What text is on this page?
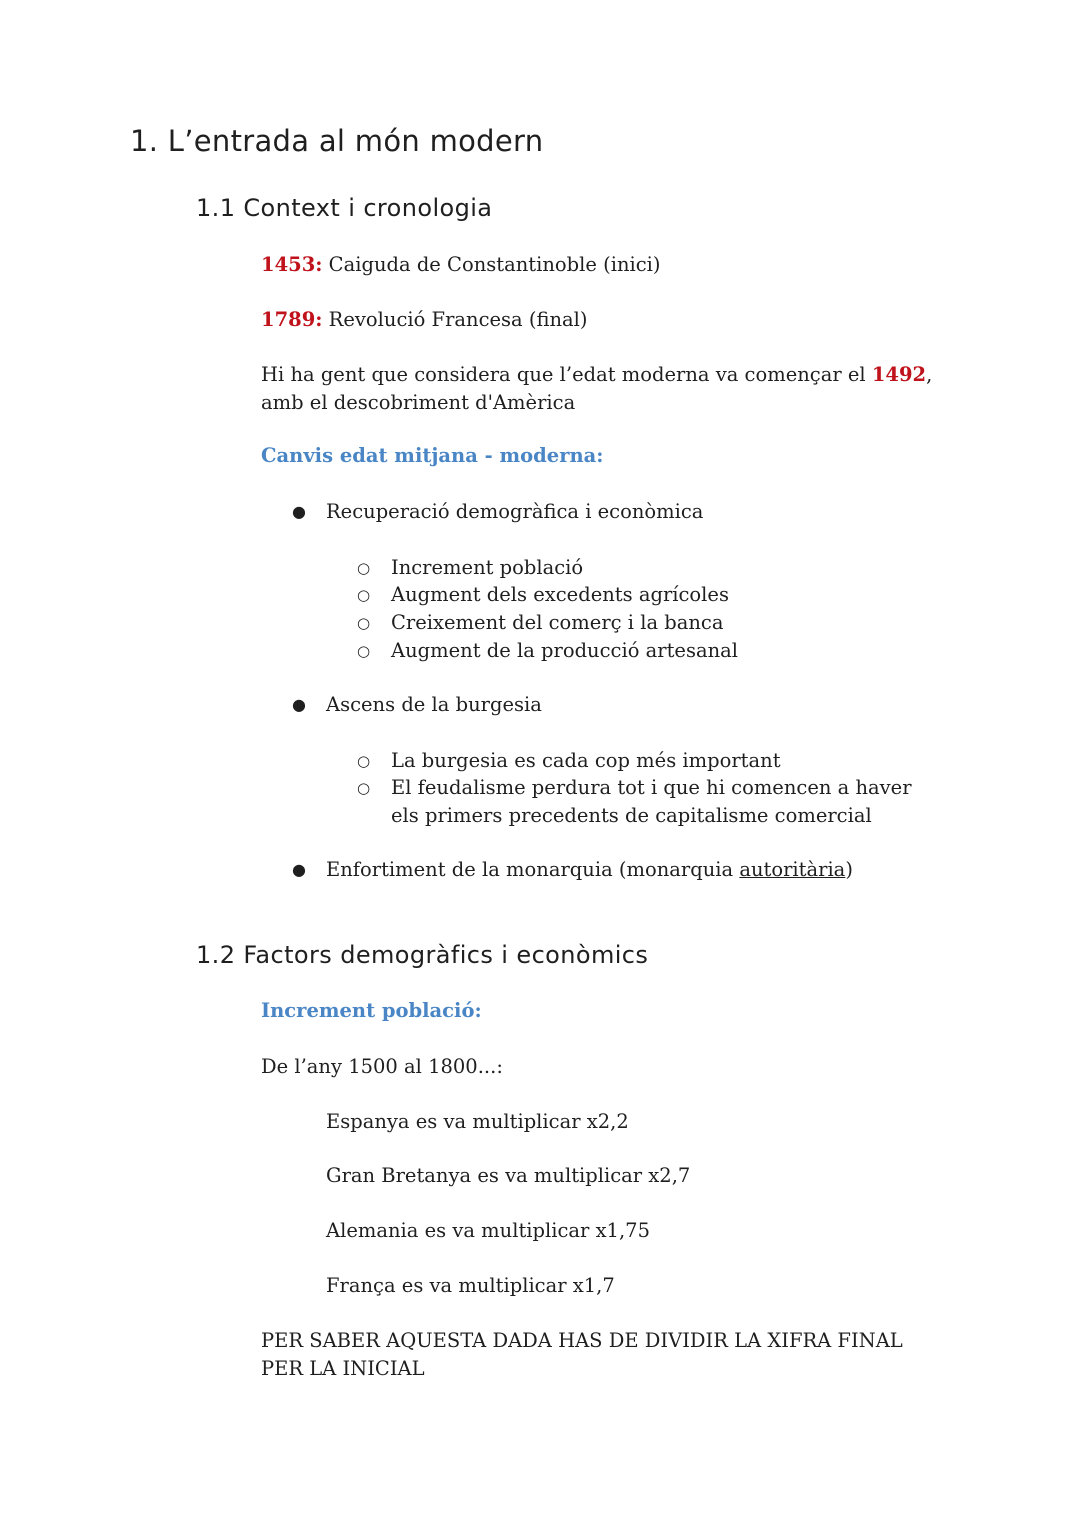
1. L’entrada al món modern
1.1 Context i cronologia

1453: Caiguda de Constantinoble (inici)

1789: Revolució Francesa (final)

Hi ha gent que considera que l’edat moderna va començar el 1492, amb el descobriment d'Amèrica

Canvis edat mitjana - moderna:

● Recuperació demogràfica i econòmica

○ Increment població

○ Augment dels excedents agrícoles

○ Creixement del comerç i la banca

○ Augment de la producció artesanal

● Ascens de la burgesia

○ La burgesia es cada cop més important

○ El feudalisme perdura tot i que hi comencen a haver els primers precedents de capitalisme comercial

● Enfortiment de la monarquia (monarquia autoritària)

1.2 Factors demogràfics i econòmics

Increment població:

De l’any 1500 al 1800...:

Espanya es va multiplicar x2,2

Gran Bretanya es va multiplicar x2,7

Alemania es va multiplicar x1,75

França es va multiplicar x1,7

PER SABER AQUESTA DADA HAS DE DIVIDIR LA XIFRA FINAL PER LA INICIAL
